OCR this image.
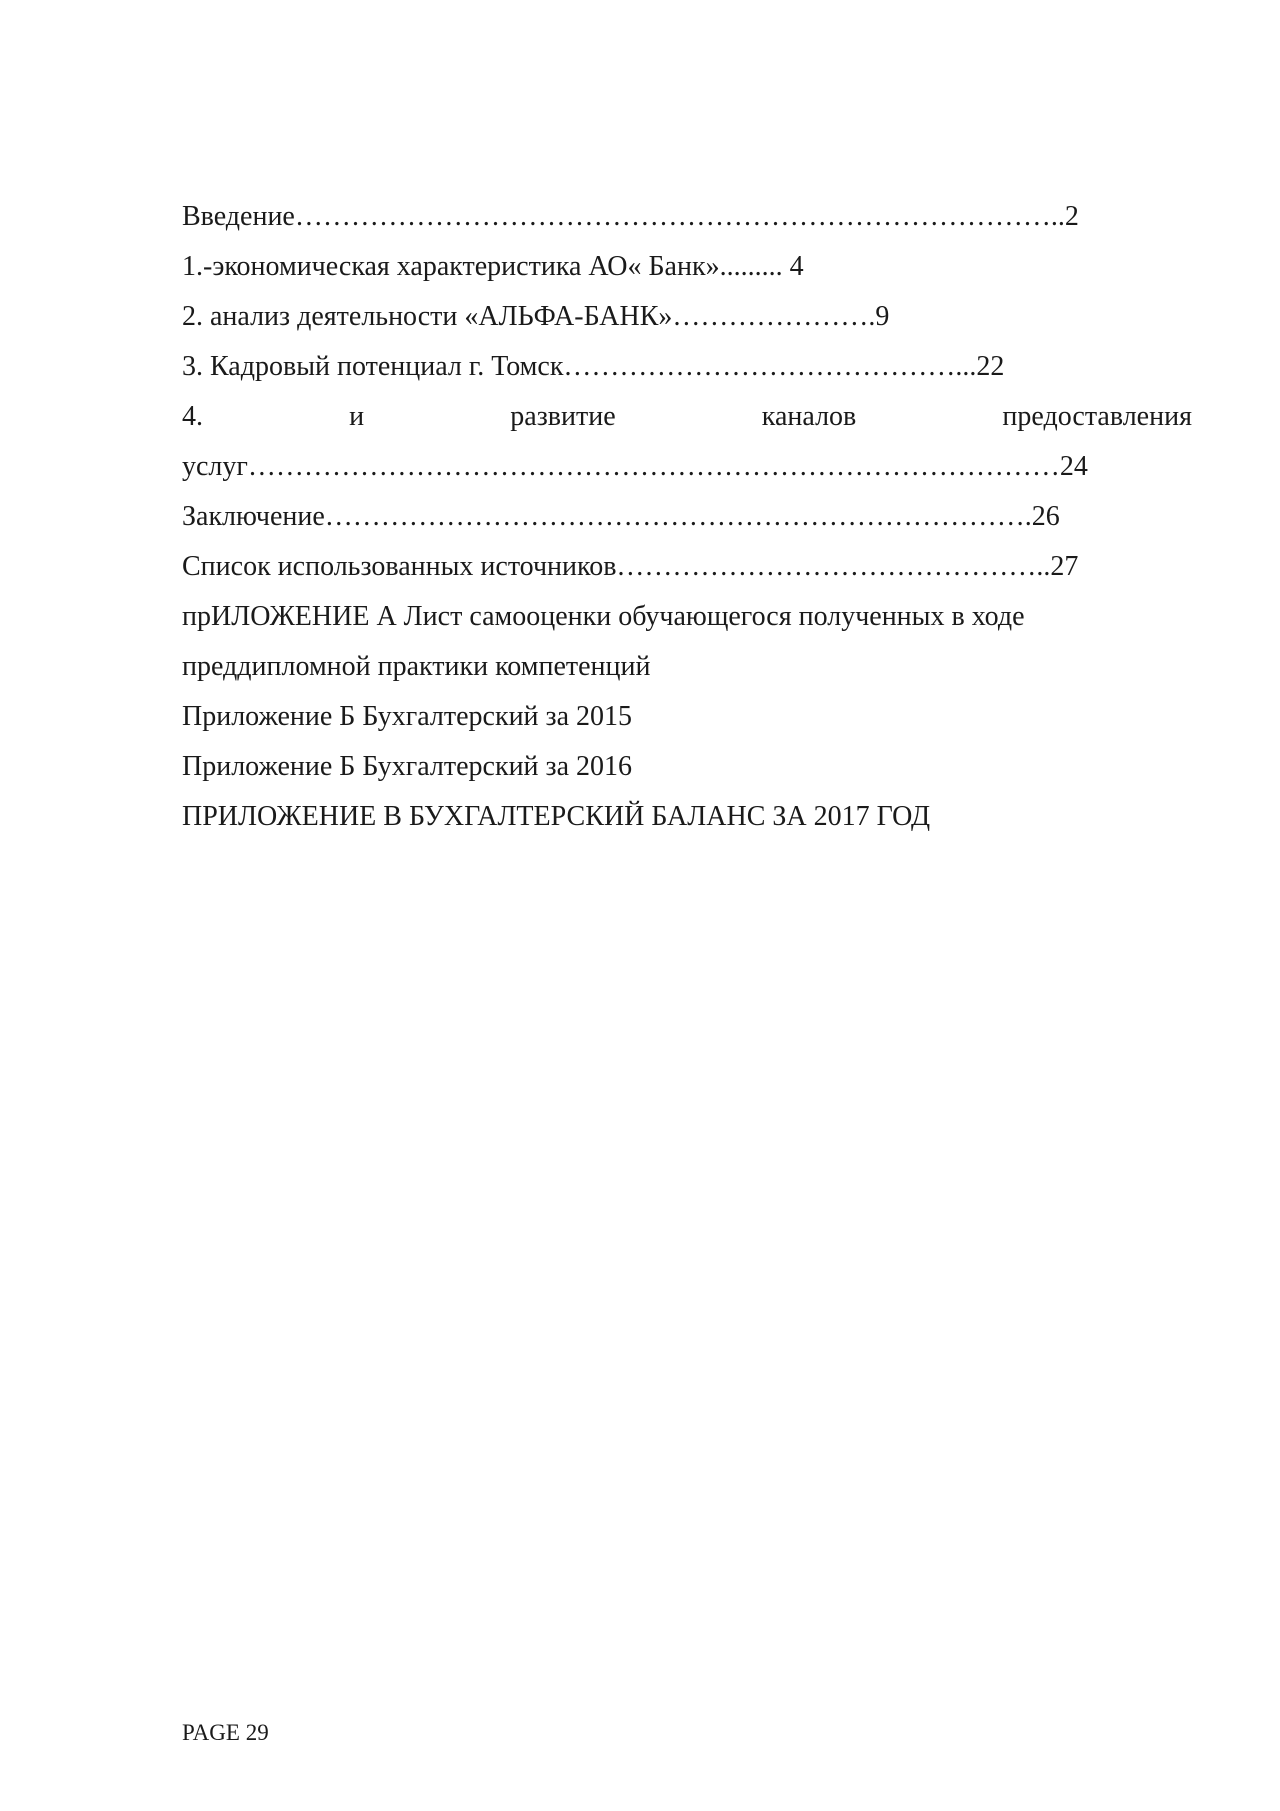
Введение………………………………………………………………………..2
1.-экономическая характеристика АО« Банк»......... 4
2. анализ деятельности «АЛЬФА-БАНК»………………….9
3. Кадровый потенциал г. Томск……………………………………...22
4.	и	развитие	каналов	предоставления
услуг……………………………………………………………………………24
Заключение………………………………………………………………….26
Список использованных источников………………………………………..27
прИЛОЖЕНИЕ А Лист самооценки обучающегося полученных в ходе
преддипломной практики компетенций
Приложение Б Бухгалтерский за 2015
Приложение Б Бухгалтерский за 2016
ПРИЛОЖЕНИЕ В БУХГАЛТЕРСКИЙ БАЛАНС ЗА 2017 ГОД
PAGE 29
